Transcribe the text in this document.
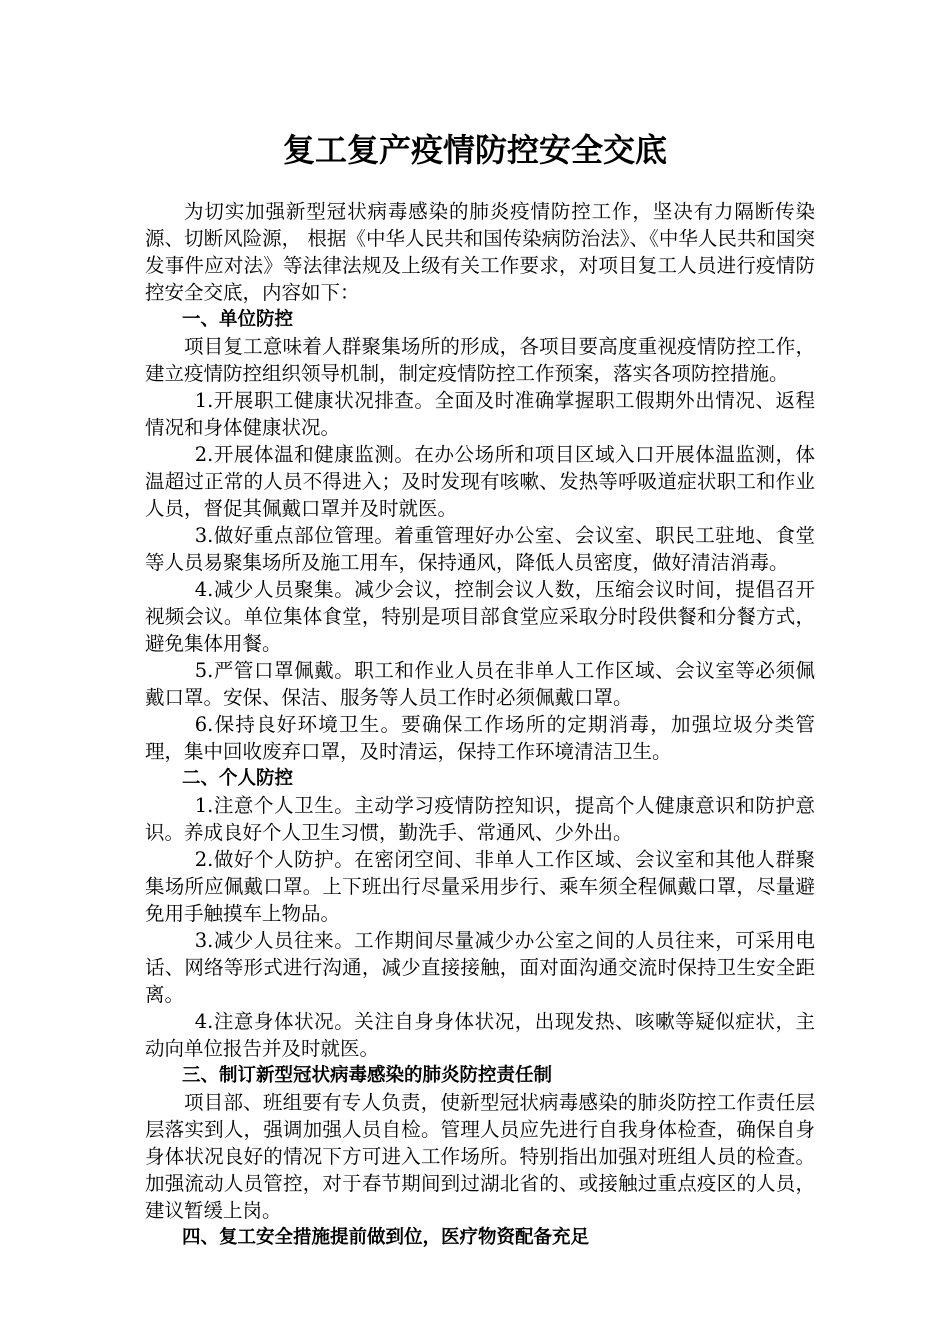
复工复产疫情防控安全交底

为切实加强新型冠状病毒感染的肺炎疫情防控工作，坚决有力隔断传染源、切断风险源， 根据《中华人民共和国传染病防治法》、《中华人民共和国突发事件应对法》等法律法规及上级有关工作要求，对项目复工人员进行疫情防控安全交底，内容如下：

一、单位防控

项目复工意味着人群聚集场所的形成，各项目要高度重视疫情防控工作，建立疫情防控组织领导机制，制定疫情防控工作预案，落实各项防控措施。

1.开展职工健康状况排查。全面及时准确掌握职工假期外出情况、返程情况和身体健康状况。

2.开展体温和健康监测。在办公场所和项目区域入口开展体温监测，体温超过正常的人员不得进入；及时发现有咳嗽、发热等呼吸道症状职工和作业人员，督促其佩戴口罩并及时就医。

3.做好重点部位管理。着重管理好办公室、会议室、职民工驻地、食堂等人员易聚集场所及施工用车，保持通风，降低人员密度，做好清洁消毒。

4.减少人员聚集。减少会议，控制会议人数，压缩会议时间，提倡召开视频会议。单位集体食堂，特别是项目部食堂应采取分时段供餐和分餐方式，避免集体用餐。

5.严管口罩佩戴。职工和作业人员在非单人工作区域、会议室等必须佩戴口罩。安保、保洁、服务等人员工作时必须佩戴口罩。

6.保持良好环境卫生。要确保工作场所的定期消毒，加强垃圾分类管理，集中回收废弃口罩，及时清运，保持工作环境清洁卫生。

二、个人防控

1.注意个人卫生。主动学习疫情防控知识，提高个人健康意识和防护意识。养成良好个人卫生习惯，勤洗手、常通风、少外出。

2.做好个人防护。在密闭空间、非单人工作区域、会议室和其他人群聚集场所应佩戴口罩。上下班出行尽量采用步行、乘车须全程佩戴口罩，尽量避免用手触摸车上物品。

3.减少人员往来。工作期间尽量减少办公室之间的人员往来，可采用电话、网络等形式进行沟通，减少直接接触，面对面沟通交流时保持卫生安全距离。

4.注意身体状况。关注自身身体状况，出现发热、咳嗽等疑似症状，主动向单位报告并及时就医。

三、制订新型冠状病毒感染的肺炎防控责任制

项目部、班组要有专人负责，使新型冠状病毒感染的肺炎防控工作责任层层落实到人，强调加强人员自检。管理人员应先进行自我身体检查，确保自身身体状况良好的情况下方可进入工作场所。特别指出加强对班组人员的检查。加强流动人员管控，对于春节期间到过湖北省的、或接触过重点疫区的人员，建议暂缓上岗。

四、复工安全措施提前做到位，医疗物资配备充足
